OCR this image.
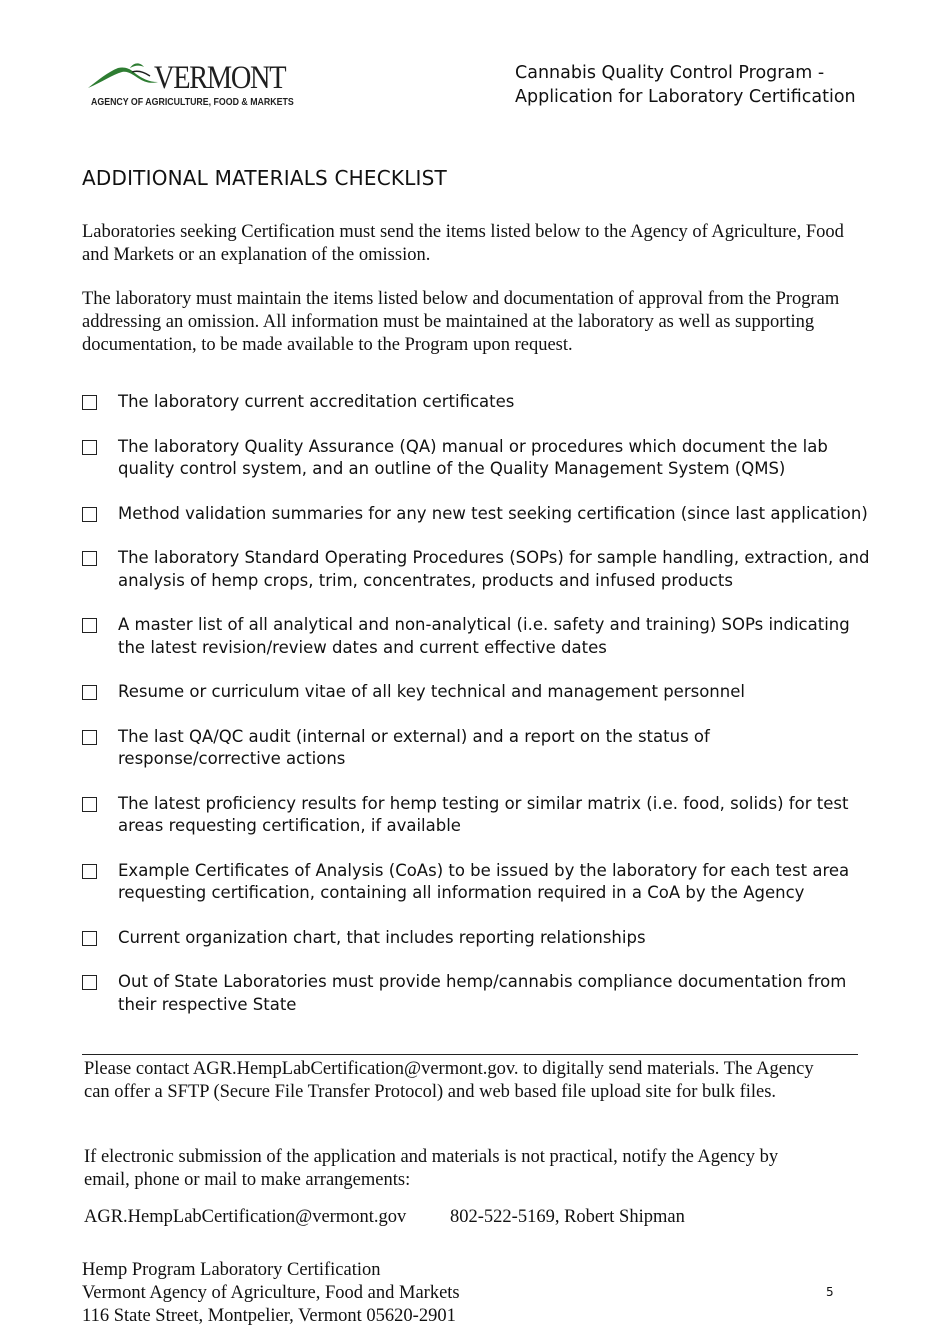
VERMONT
AGENCY OF AGRICULTURE, FOOD & MARKETS
Cannabis Quality Control Program -
Application for Laboratory Certification
ADDITIONAL MATERIALS CHECKLIST
Laboratories seeking Certification must send the items listed below to the Agency of Agriculture, Food and Markets or an explanation of the omission.
The laboratory must maintain the items listed below and documentation of approval from the Program addressing an omission. All information must be maintained at the laboratory as well as supporting documentation, to be made available to the Program upon request.
The laboratory current accreditation certificates
The laboratory Quality Assurance (QA) manual or procedures which document the lab quality control system, and an outline of the Quality Management System (QMS)
Method validation summaries for any new test seeking certification (since last application)
The laboratory Standard Operating Procedures (SOPs) for sample handling, extraction, and analysis of hemp crops, trim, concentrates, products and infused products
A master list of all analytical and non-analytical (i.e. safety and training) SOPs indicating the latest revision/review dates and current effective dates
Resume or curriculum vitae of all key technical and management personnel
The last QA/QC audit (internal or external) and a report on the status of response/corrective actions
The latest proficiency results for hemp testing or similar matrix (i.e. food, solids) for test areas requesting certification, if available
Example Certificates of Analysis (CoAs) to be issued by the laboratory for each test area requesting certification, containing all information required in a CoA by the Agency
Current organization chart, that includes reporting relationships
Out of State Laboratories must provide hemp/cannabis compliance documentation from their respective State
Please contact AGR.HempLabCertification@vermont.gov. to digitally send materials. The Agency can offer a SFTP (Secure File Transfer Protocol) and web based file upload site for bulk files.
If electronic submission of the application and materials is not practical, notify the Agency by email, phone or mail to make arrangements:
AGR.HempLabCertification@vermont.gov 802-522-5169, Robert Shipman
Hemp Program Laboratory Certification
Vermont Agency of Agriculture, Food and Markets
116 State Street, Montpelier, Vermont 05620-2901
5
